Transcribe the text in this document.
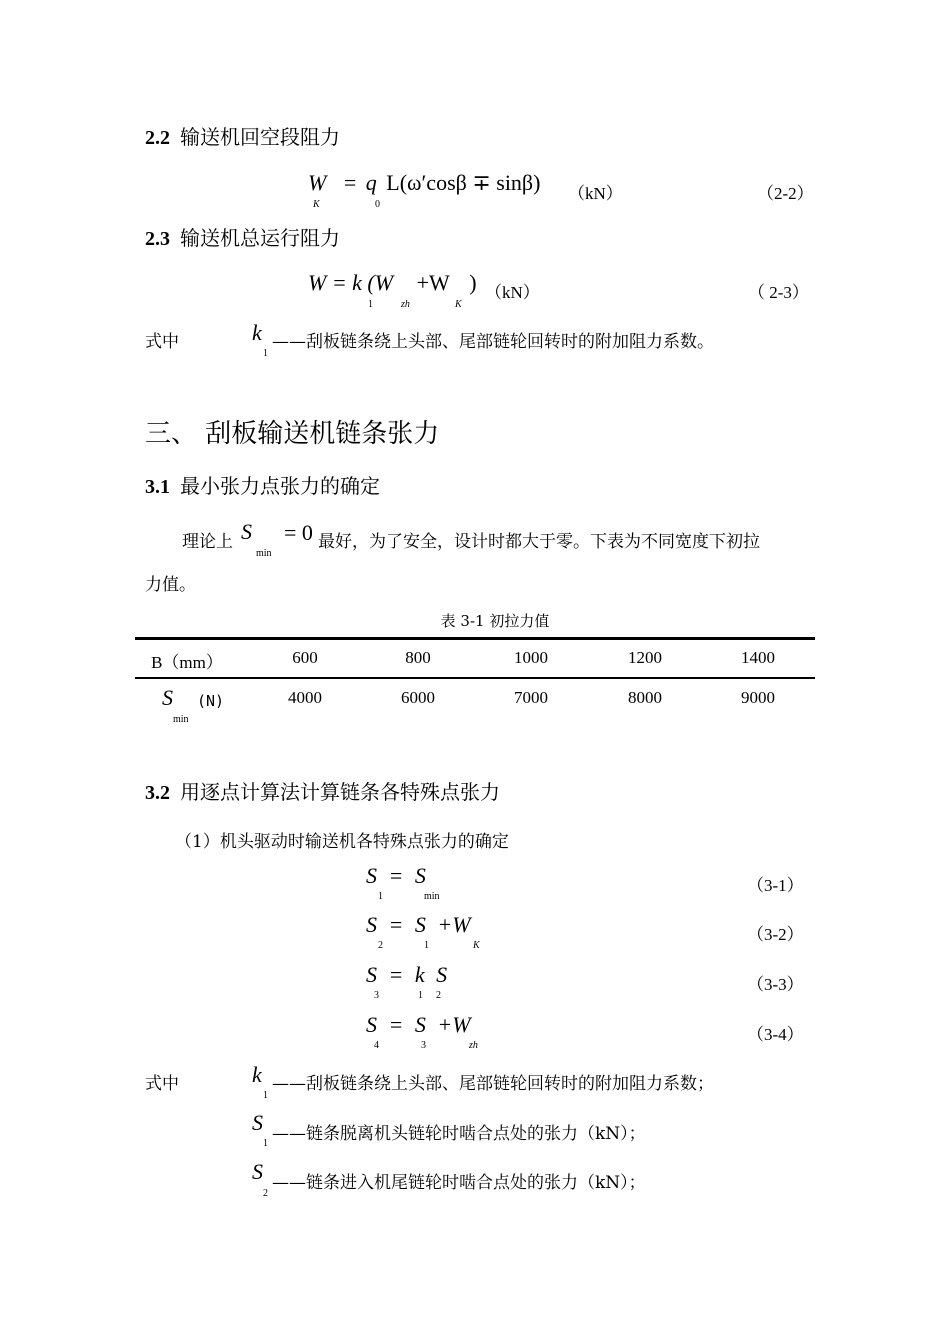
2.2 输送机回空段阻力
W = q L(ω′cosβ ∓ sinβ)
K	0
（kN）	（2-2）
2.3 输送机总运行阻力
W = k (W +W )
1	zh	K
（kN）	（ 2-3）
式中	k
1
——刮板链条绕上头部、尾部链轮回转时的附加阻力系数。
三、 刮板输送机链条张力
3.1 最小张力点张力的确定
理论上 S
min
= 0 最好，为了安全，设计时都大于零。下表为不同宽度下初拉
力值。
表 3-1 初拉力值
B（mm）	600	800	1000	1200	1400
S
min
(N)	4000	6000	7000	8000	9000
3.2 用逐点计算法计算链条各特殊点张力
（1）机头驱动时输送机各特殊点张力的确定
S = S
1	min
（3-1）
S = S +W
2	1	K
（3-2）
S = k S
3	1 2
（3-3）
S = S +W
4	3	zh
（3-4）
式中	k
1
——刮板链条绕上头部、尾部链轮回转时的附加阻力系数；
S
1 ——链条脱离机头链轮时啮合点处的张力（kN）；
S
2
——链条进入机尾链轮时啮合点处的张力（kN）；
